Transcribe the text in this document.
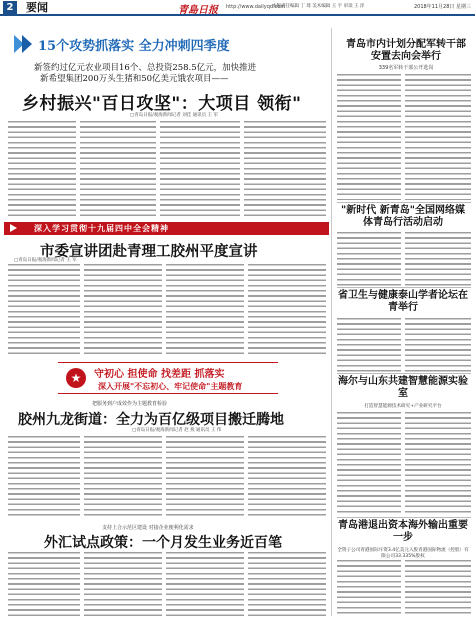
2	要闻	青島日报 http://www.dailyqd.com
本版责任编辑 丁 琦 美术编辑 王 宇 审读 王 洋	2018年11月28日 星期三
15个攻势抓落实 全力冲刺四季度
新签约过亿元农业项目16个、总投资258.5亿元，加快推进
新希望集团200万头生猪和50亿美元饿农项目——
乡村振兴"百日攻坚"：大项目 领衔"
□青岛日报/观海新闻记者 刘佳 通讯员 王 军
深入学习贯彻十九届四中全会精神
市委宣讲团赴青理工胶州平度宣讲
□青岛日报/观海新闻记者 王 军
★	守初心 担使命 找差距 抓落实
深入开展"不忘初心、牢记使命"主题教育
把服务到户成效作为主题教育检验
胶州九龙街道：全力为百亿级项目搬迁腾地
□青岛日报/观海新闻记者 赵 燕 通讯员 王 伟
支持上合示范区建设 对接企业便利化需求
外汇试点政策：一个月发生业务近百笔
青岛市内计划分配军转干部安置去向会举行
339名军转干部公开选岗
"新时代 新青岛"全国网络媒体青岛行活动启动
省卫生与健康泰山学者论坛在青举行
海尔与山东共建智慧能源实验室
打造智慧能源技术研究+产业研究平台
青岛港退出资本海外输出重要一步
全资子公司青港国际斥资3.4亿美元入股青港国际物流（控股）有限公司33.335%股权
